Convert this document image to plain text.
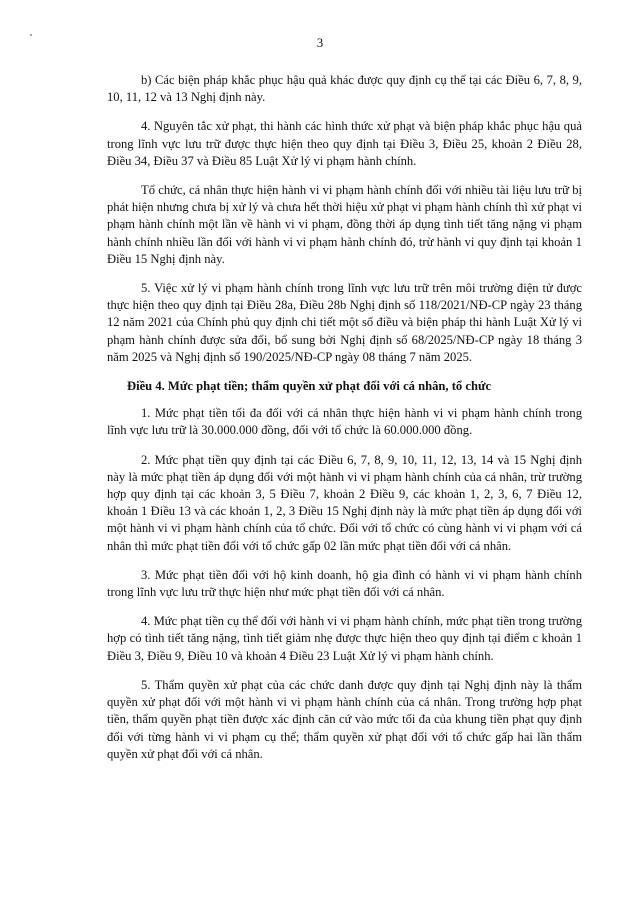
3

b) Các biện pháp khắc phục hậu quả khác được quy định cụ thể tại các Điều 6, 7, 8, 9, 10, 11, 12 và 13 Nghị định này.

4. Nguyên tắc xử phạt, thi hành các hình thức xử phạt và biện pháp khắc phục hậu quả trong lĩnh vực lưu trữ được thực hiện theo quy định tại Điều 3, Điều 25, khoản 2 Điều 28, Điều 34, Điều 37 và Điều 85 Luật Xử lý vi phạm hành chính.

Tổ chức, cá nhân thực hiện hành vi vi phạm hành chính đối với nhiều tài liệu lưu trữ bị phát hiện nhưng chưa bị xử lý và chưa hết thời hiệu xử phạt vi phạm hành chính thì xử phạt vi phạm hành chính một lần về hành vi vi phạm, đồng thời áp dụng tình tiết tăng nặng vi phạm hành chính nhiều lần đối với hành vi vi phạm hành chính đó, trừ hành vi quy định tại khoản 1 Điều 15 Nghị định này.

5. Việc xử lý vi phạm hành chính trong lĩnh vực lưu trữ trên môi trường điện tử được thực hiện theo quy định tại Điều 28a, Điều 28b Nghị định số 118/2021/NĐ-CP ngày 23 tháng 12 năm 2021 của Chính phủ quy định chi tiết một số điều và biện pháp thi hành Luật Xử lý vi phạm hành chính được sửa đổi, bổ sung bởi Nghị định số 68/2025/NĐ-CP ngày 18 tháng 3 năm 2025 và Nghị định số 190/2025/NĐ-CP ngày 08 tháng 7 năm 2025.

Điều 4. Mức phạt tiền; thẩm quyền xử phạt đối với cá nhân, tổ chức

1. Mức phạt tiền tối đa đối với cá nhân thực hiện hành vi vi phạm hành chính trong lĩnh vực lưu trữ là 30.000.000 đồng, đối với tổ chức là 60.000.000 đồng.

2. Mức phạt tiền quy định tại các Điều 6, 7, 8, 9, 10, 11, 12, 13, 14 và 15 Nghị định này là mức phạt tiền áp dụng đối với một hành vi vi phạm hành chính của cá nhân, trừ trường hợp quy định tại các khoản 3, 5 Điều 7, khoản 2 Điều 9, các khoản 1, 2, 3, 6, 7 Điều 12, khoản 1 Điều 13 và các khoản 1, 2, 3 Điều 15 Nghị định này là mức phạt tiền áp dụng đối với một hành vi vi phạm hành chính của tổ chức. Đối với tổ chức có cùng hành vi vi phạm với cá nhân thì mức phạt tiền đối với tổ chức gấp 02 lần mức phạt tiền đối với cá nhân.

3. Mức phạt tiền đối với hộ kinh doanh, hộ gia đình có hành vi vi phạm hành chính trong lĩnh vực lưu trữ thực hiện như mức phạt tiền đối với cá nhân.

4. Mức phạt tiền cụ thể đối với hành vi vi phạm hành chính, mức phạt tiền trong trường hợp có tình tiết tăng nặng, tình tiết giảm nhẹ được thực hiện theo quy định tại điểm c khoản 1 Điều 3, Điều 9, Điều 10 và khoản 4 Điều 23 Luật Xử lý vi phạm hành chính.

5. Thẩm quyền xử phạt của các chức danh được quy định tại Nghị định này là thẩm quyền xử phạt đối với một hành vi vi phạm hành chính của cá nhân. Trong trường hợp phạt tiền, thẩm quyền phạt tiền được xác định căn cứ vào mức tối đa của khung tiền phạt quy định đối với từng hành vi vi phạm cụ thể; thẩm quyền xử phạt đối với tổ chức gấp hai lần thẩm quyền xử phạt đối với cá nhân.
